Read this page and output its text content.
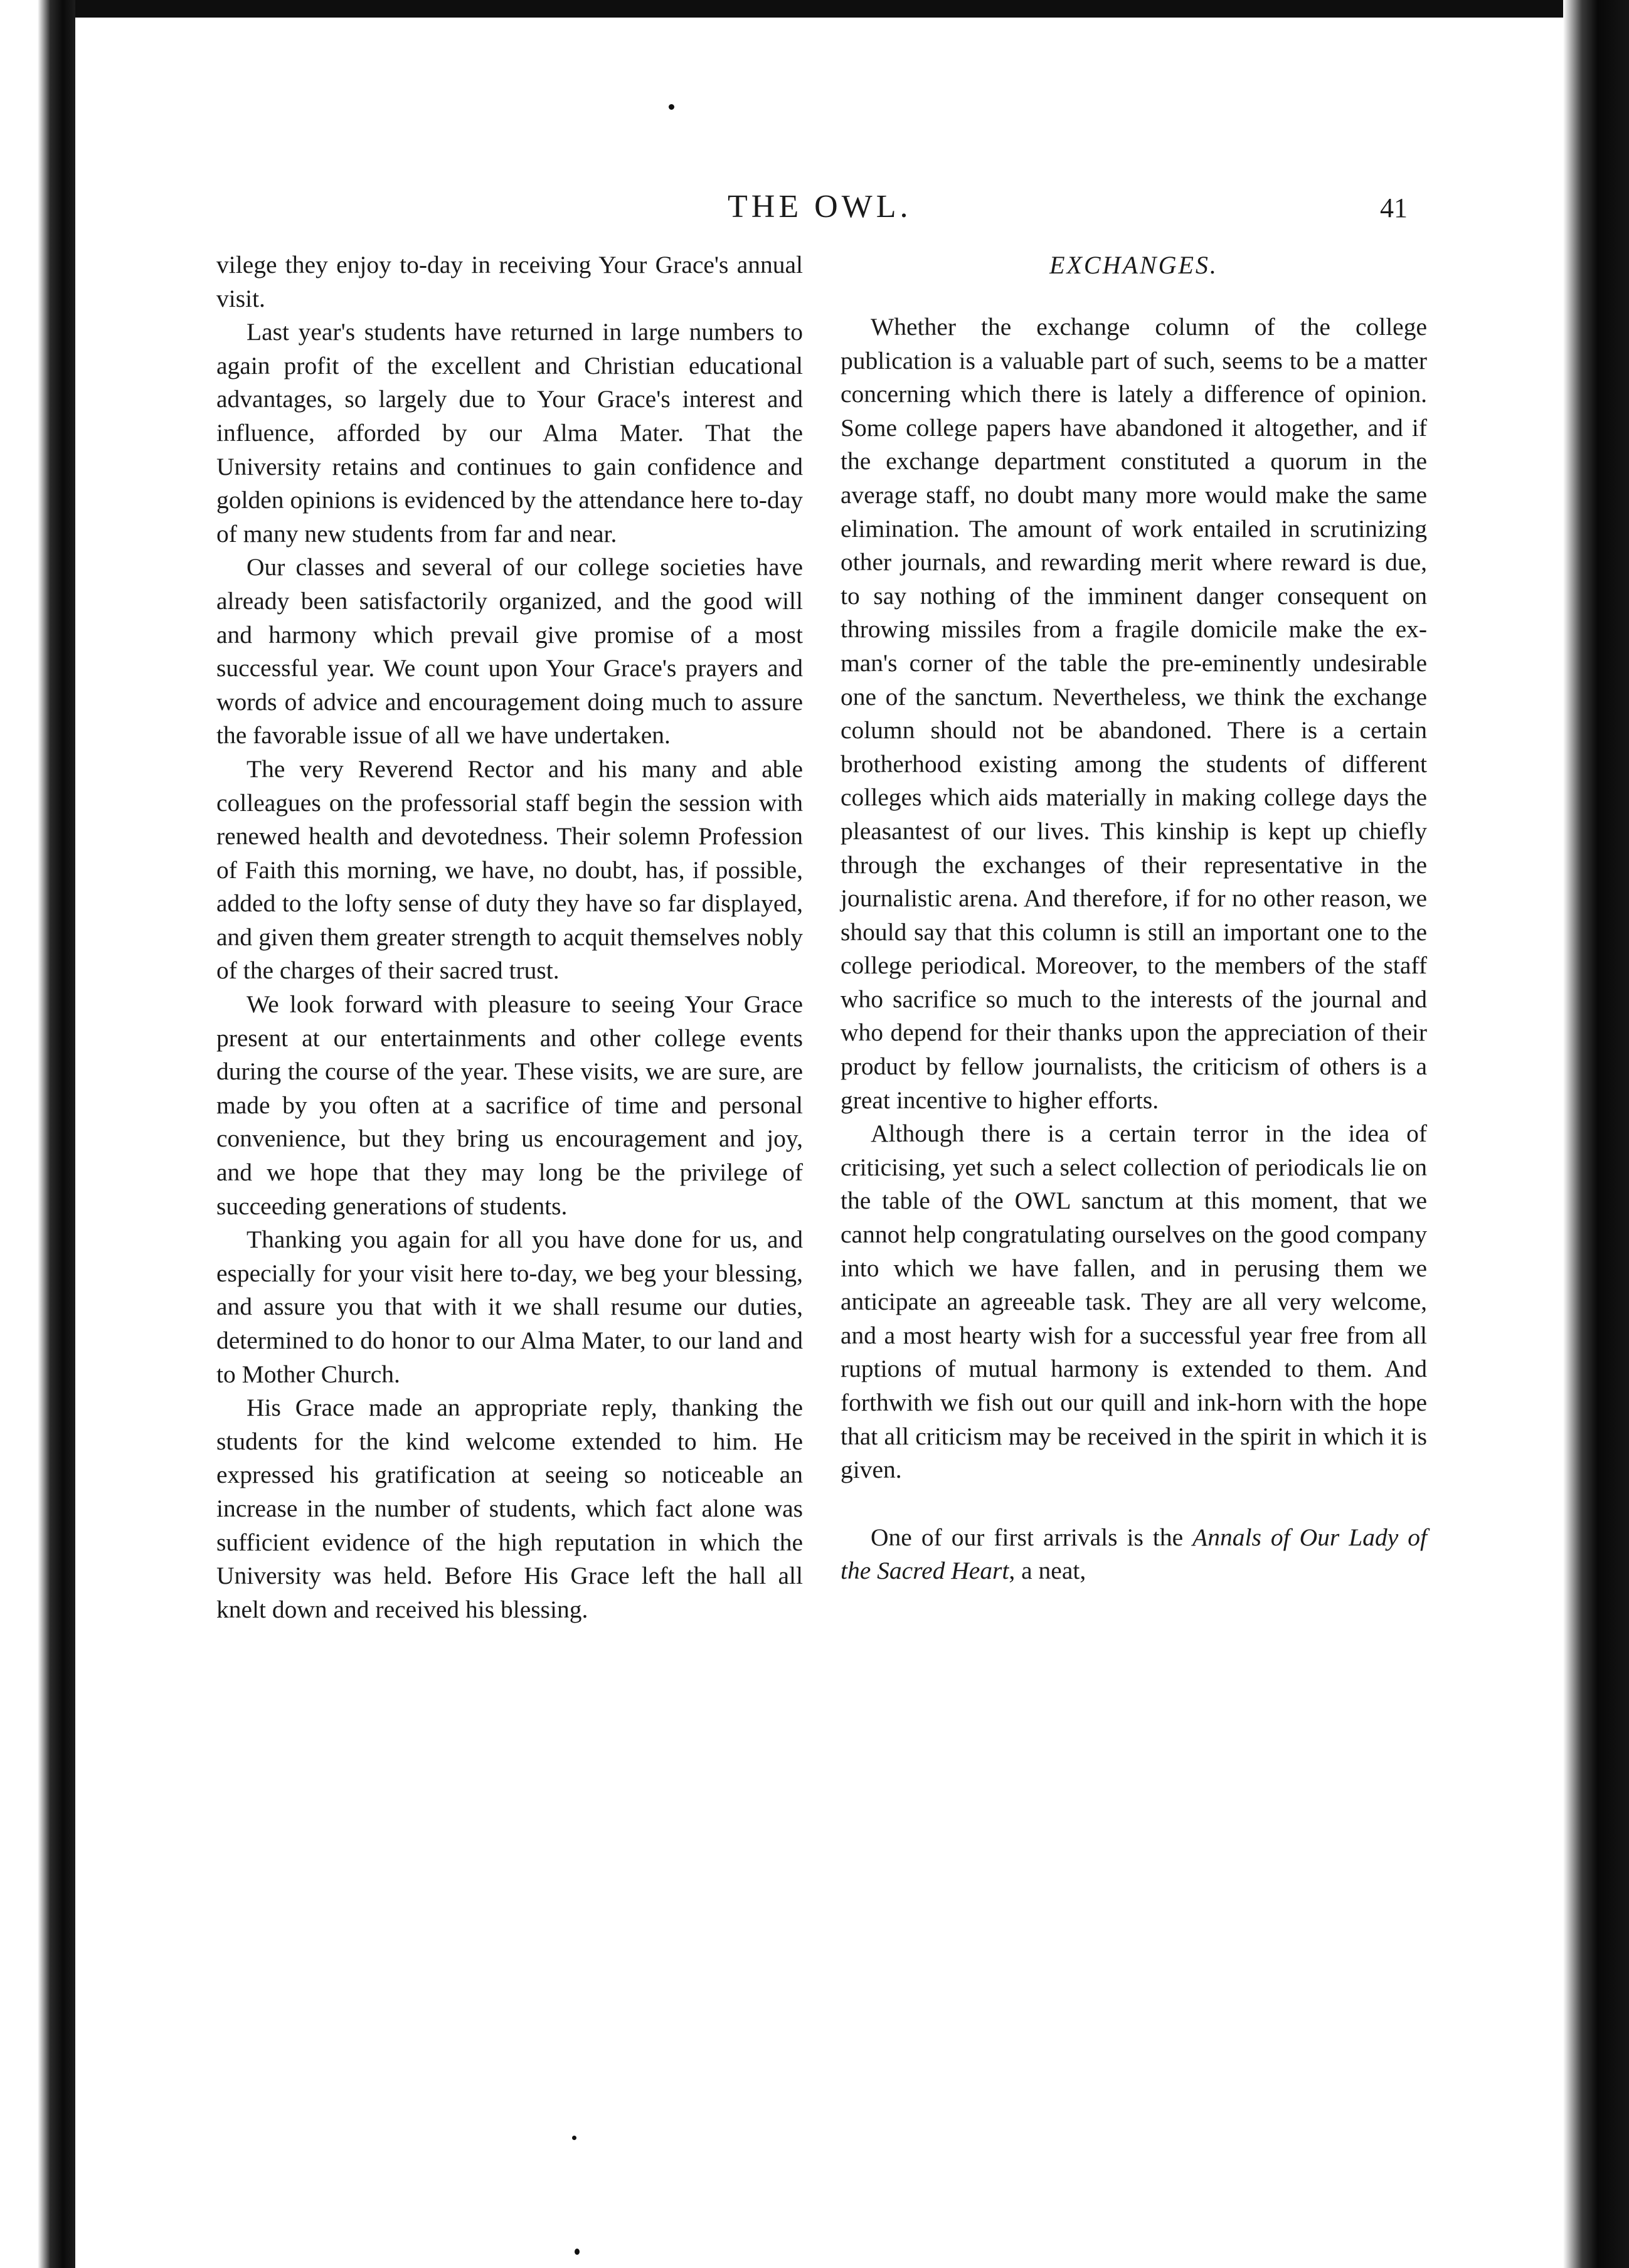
THE OWL.	41

vilege they enjoy to-day in receiving Your Grace's annual visit.

Last year's students have returned in large numbers to again profit of the excellent and Christian educational advantages, so largely due to Your Grace's interest and influence, afforded by our Alma Mater. That the University retains and continues to gain confidence and golden opinions is evidenced by the attendance here to-day of many new students from far and near.

Our classes and several of our college societies have already been satisfactorily organized, and the good will and harmony which prevail give promise of a most successful year. We count upon Your Grace's prayers and words of advice and encouragement doing much to assure the favorable issue of all we have undertaken.

The very Reverend Rector and his many and able colleagues on the professorial staff begin the session with renewed health and devotedness. Their solemn Profession of Faith this morning, we have, no doubt, has, if possible, added to the lofty sense of duty they have so far displayed, and given them greater strength to acquit themselves nobly of the charges of their sacred trust.

We look forward with pleasure to seeing Your Grace present at our entertainments and other college events during the course of the year. These visits, we are sure, are made by you often at a sacrifice of time and personal convenience, but they bring us encouragement and joy, and we hope that they may long be the privilege of succeeding generations of students.

Thanking you again for all you have done for us, and especially for your visit here to-day, we beg your blessing, and assure you that with it we shall resume our duties, determined to do honor to our Alma Mater, to our land and to Mother Church.

His Grace made an appropriate reply, thanking the students for the kind welcome extended to him. He expressed his gratification at seeing so noticeable an increase in the number of students, which fact alone was sufficient evidence of the high reputation in which the University was held. Before His Grace left the hall all knelt down and received his blessing.

EXCHANGES.

Whether the exchange column of the college publication is a valuable part of such, seems to be a matter concerning which there is lately a difference of opinion. Some college papers have abandoned it altogether, and if the exchange department constituted a quorum in the average staff, no doubt many more would make the same elimination. The amount of work entailed in scrutinizing other journals, and rewarding merit where reward is due, to say nothing of the imminent danger consequent on throwing missiles from a fragile domicile make the ex-man's corner of the table the pre-eminently undesirable one of the sanctum. Nevertheless, we think the exchange column should not be abandoned. There is a certain brotherhood existing among the students of different colleges which aids materially in making college days the pleasantest of our lives. This kinship is kept up chiefly through the exchanges of their representative in the journalistic arena. And therefore, if for no other reason, we should say that this column is still an important one to the college periodical. Moreover, to the members of the staff who sacrifice so much to the interests of the journal and who depend for their thanks upon the appreciation of their product by fellow journalists, the criticism of others is a great incentive to higher efforts.

Although there is a certain terror in the idea of criticising, yet such a select collection of periodicals lie on the table of the OWL sanctum at this moment, that we cannot help congratulating ourselves on the good company into which we have fallen, and in perusing them we anticipate an agreeable task. They are all very welcome, and a most hearty wish for a successful year free from all ruptions of mutual harmony is extended to them. And forthwith we fish out our quill and ink-horn with the hope that all criticism may be received in the spirit in which it is given.

One of our first arrivals is the Annals of Our Lady of the Sacred Heart, a neat,
